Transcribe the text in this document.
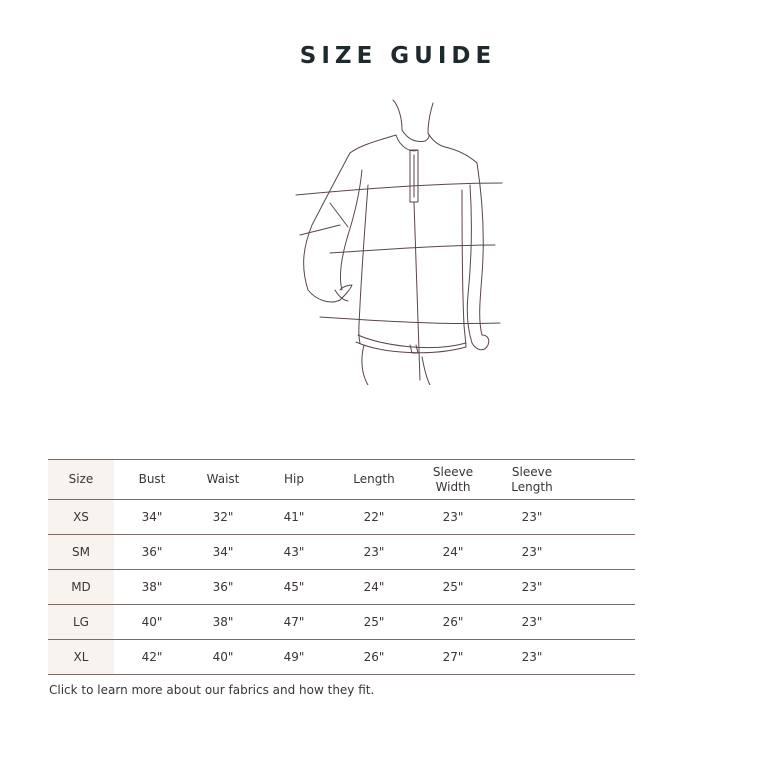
SIZE GUIDE
Size	Bust	Waist	Hip	Length	Sleeve Width	Sleeve Length	
XS	34"	32"	41"	22"	23"	23"	
SM	36"	34"	43"	23"	24"	23"	
MD	38"	36"	45"	24"	25"	23"	
LG	40"	38"	47"	25"	26"	23"	
XL	42"	40"	49"	26"	27"	23"	
Click to learn more about our fabrics and how they fit.
